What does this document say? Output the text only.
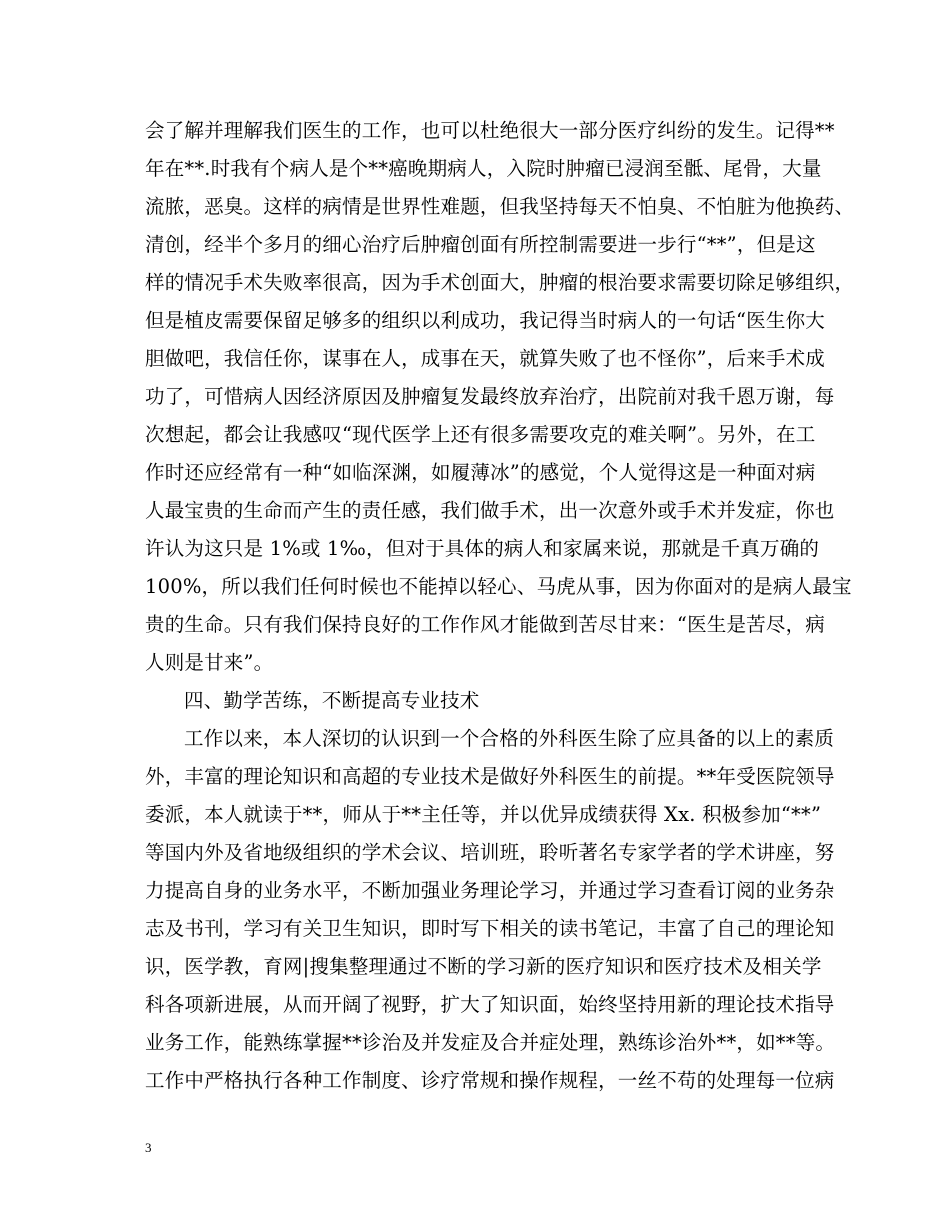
会了解并理解我们医生的工作，也可以杜绝很大一部分医疗纠纷的发生。记得**
年在**.时我有个病人是个**癌晚期病人，入院时肿瘤已浸润至骶、尾骨，大量
流脓，恶臭。这样的病情是世界性难题，但我坚持每天不怕臭、不怕脏为他换药、
清创，经半个多月的细心治疗后肿瘤创面有所控制需要进一步行“**”，但是这
样的情况手术失败率很高，因为手术创面大，肿瘤的根治要求需要切除足够组织，
但是植皮需要保留足够多的组织以利成功，我记得当时病人的一句话“医生你大
胆做吧，我信任你，谋事在人，成事在天，就算失败了也不怪你”，后来手术成
功了，可惜病人因经济原因及肿瘤复发最终放弃治疗，出院前对我千恩万谢，每
次想起，都会让我感叹“现代医学上还有很多需要攻克的难关啊”。另外，在工
作时还应经常有一种“如临深渊，如履薄冰”的感觉，个人觉得这是一种面对病
人最宝贵的生命而产生的责任感，我们做手术，出一次意外或手术并发症，你也
许认为这只是 1%或 1‰，但对于具体的病人和家属来说，那就是千真万确的
100%，所以我们任何时候也不能掉以轻心、马虎从事，因为你面对的是病人最宝
贵的生命。只有我们保持良好的工作作风才能做到苦尽甘来：“医生是苦尽，病
人则是甘来”。
四、勤学苦练，不断提高专业技术
工作以来，本人深切的认识到一个合格的外科医生除了应具备的以上的素质
外，丰富的理论知识和高超的专业技术是做好外科医生的前提。**年受医院领导
委派，本人就读于**，师从于**主任等，并以优异成绩获得 Xx. 积极参加“**”
等国内外及省地级组织的学术会议、培训班，聆听著名专家学者的学术讲座，努
力提高自身的业务水平，不断加强业务理论学习，并通过学习查看订阅的业务杂
志及书刊，学习有关卫生知识，即时写下相关的读书笔记，丰富了自己的理论知
识，医学教，育网|搜集整理通过不断的学习新的医疗知识和医疗技术及相关学
科各项新进展，从而开阔了视野，扩大了知识面，始终坚持用新的理论技术指导
业务工作，能熟练掌握**诊治及并发症及合并症处理，熟练诊治外**，如**等。
工作中严格执行各种工作制度、诊疗常规和操作规程，一丝不苟的处理每一位病
3
